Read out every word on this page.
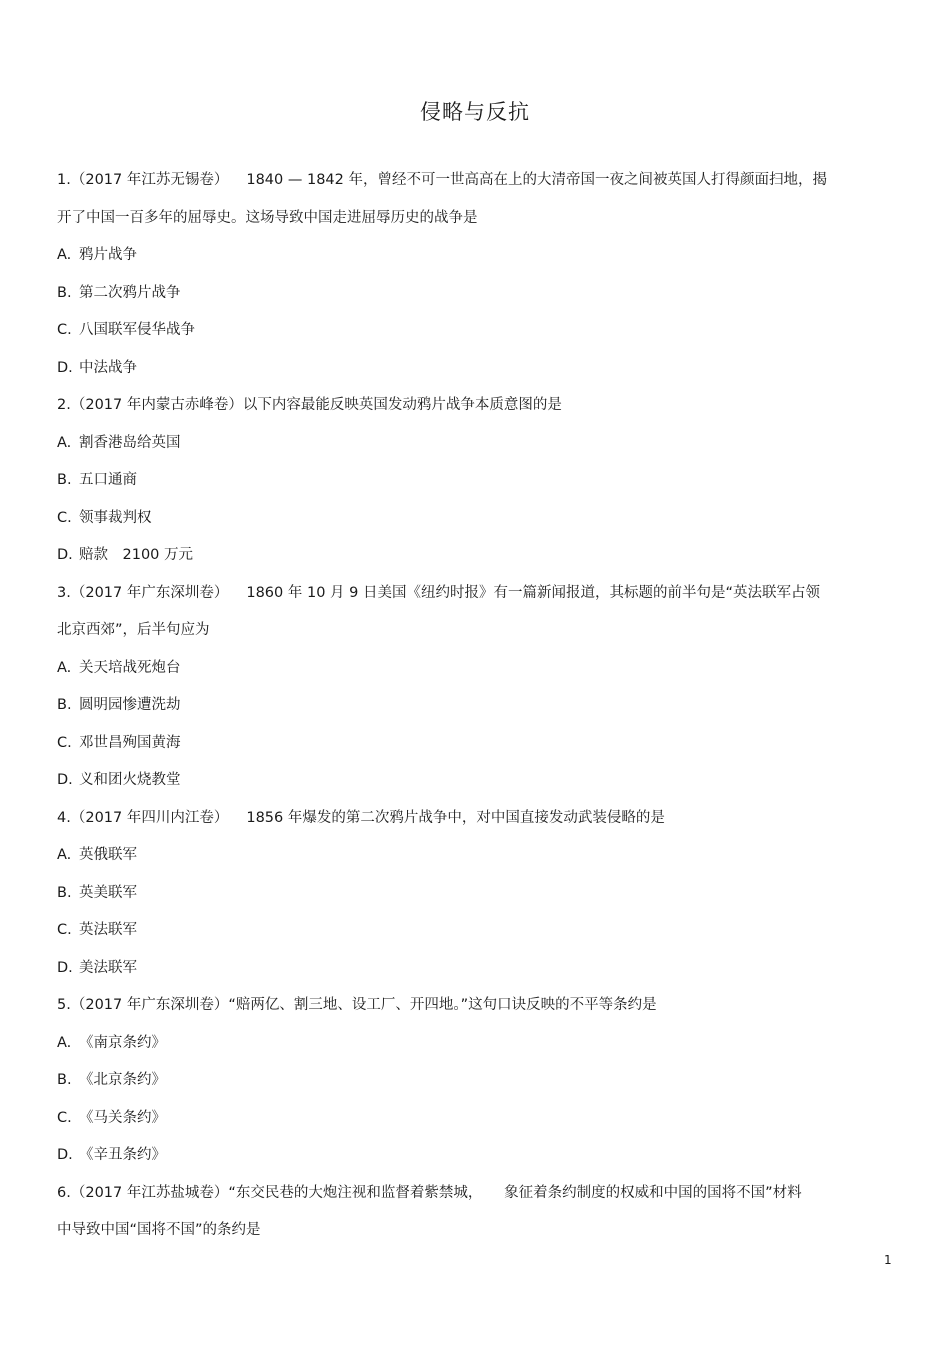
侵略与反抗
1.（2017 年江苏无锡卷） 1840 — 1842 年，曾经不可一世高高在上的大清帝国一夜之间被英国人打得颜面扫地，揭
开了中国一百多年的屈辱史。这场导致中国走进屈辱历史的战争是
A. 鸦片战争
B. 第二次鸦片战争
C. 八国联军侵华战争
D. 中法战争
2.（2017 年内蒙古赤峰卷）以下内容最能反映英国发动鸦片战争本质意图的是
A. 割香港岛给英国
B. 五口通商
C. 领事裁判权
D. 赔款　2100 万元
3.（2017 年广东深圳卷） 1860 年 10 月 9 日美国《纽约时报》有一篇新闻报道，其标题的前半句是“英法联军占领
北京西郊”，后半句应为
A. 关天培战死炮台
B. 圆明园惨遭洗劫
C. 邓世昌殉国黄海
D. 义和团火烧教堂
4.（2017 年四川内江卷） 1856 年爆发的第二次鸦片战争中，对中国直接发动武装侵略的是
A. 英俄联军
B. 英美联军
C. 英法联军
D. 美法联军
5.（2017 年广东深圳卷）“赔两亿、割三地、设工厂、开四地。”这句口诀反映的不平等条约是
A. 《南京条约》
B. 《北京条约》
C. 《马关条约》
D. 《辛丑条约》
6.（2017 年江苏盐城卷）“东交民巷的大炮注视和监督着紫禁城，　　象征着条约制度的权威和中国的国将不国”材料
中导致中国“国将不国”的条约是
1
